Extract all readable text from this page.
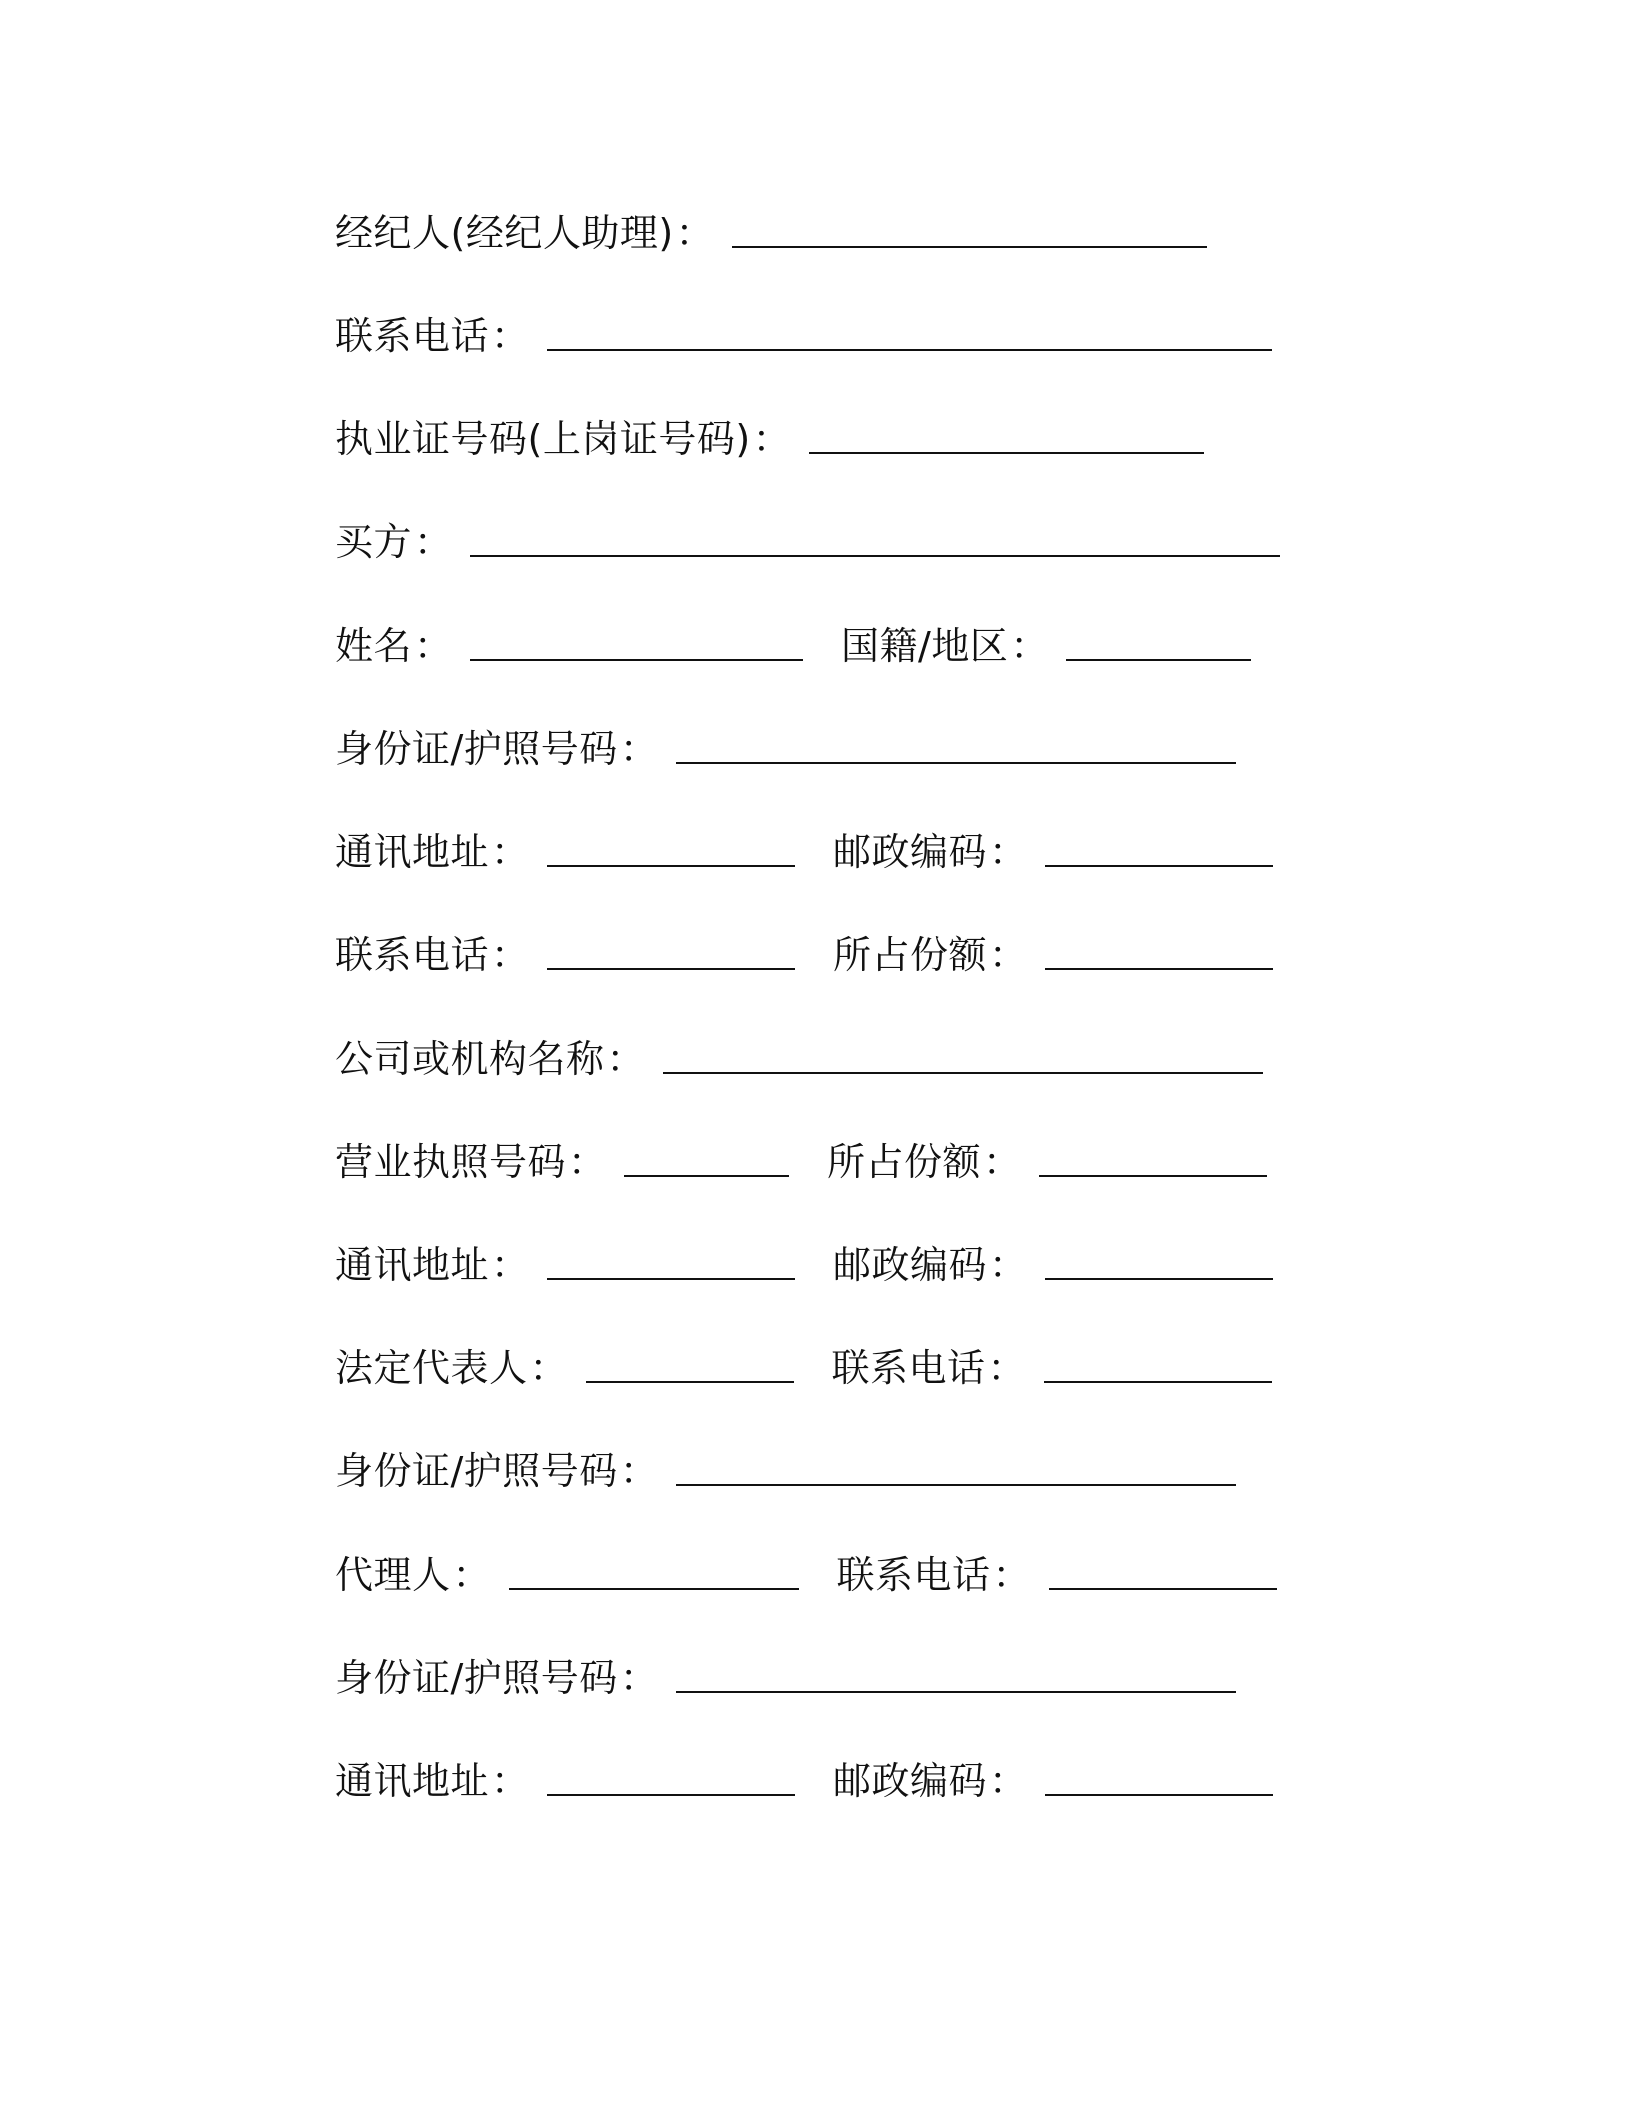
经纪人(经纪人助理) ：
联系电话 ：
执业证号码(上岗证号码) ：
买方 ：
姓名 ：	国籍/地区 ：
身份证/护照号码 ：
通讯地址 ：	邮政编码 ：
联系电话 ：	所占份额 ：
公司或机构名称 ：
营业执照号码 ：	所占份额 ：
通讯地址 ：	邮政编码 ：
法定代表人 ：	联系电话 ：
身份证/护照号码 ：
代理人 ：	联系电话 ：
身份证/护照号码 ：
通讯地址 ：	邮政编码 ：
